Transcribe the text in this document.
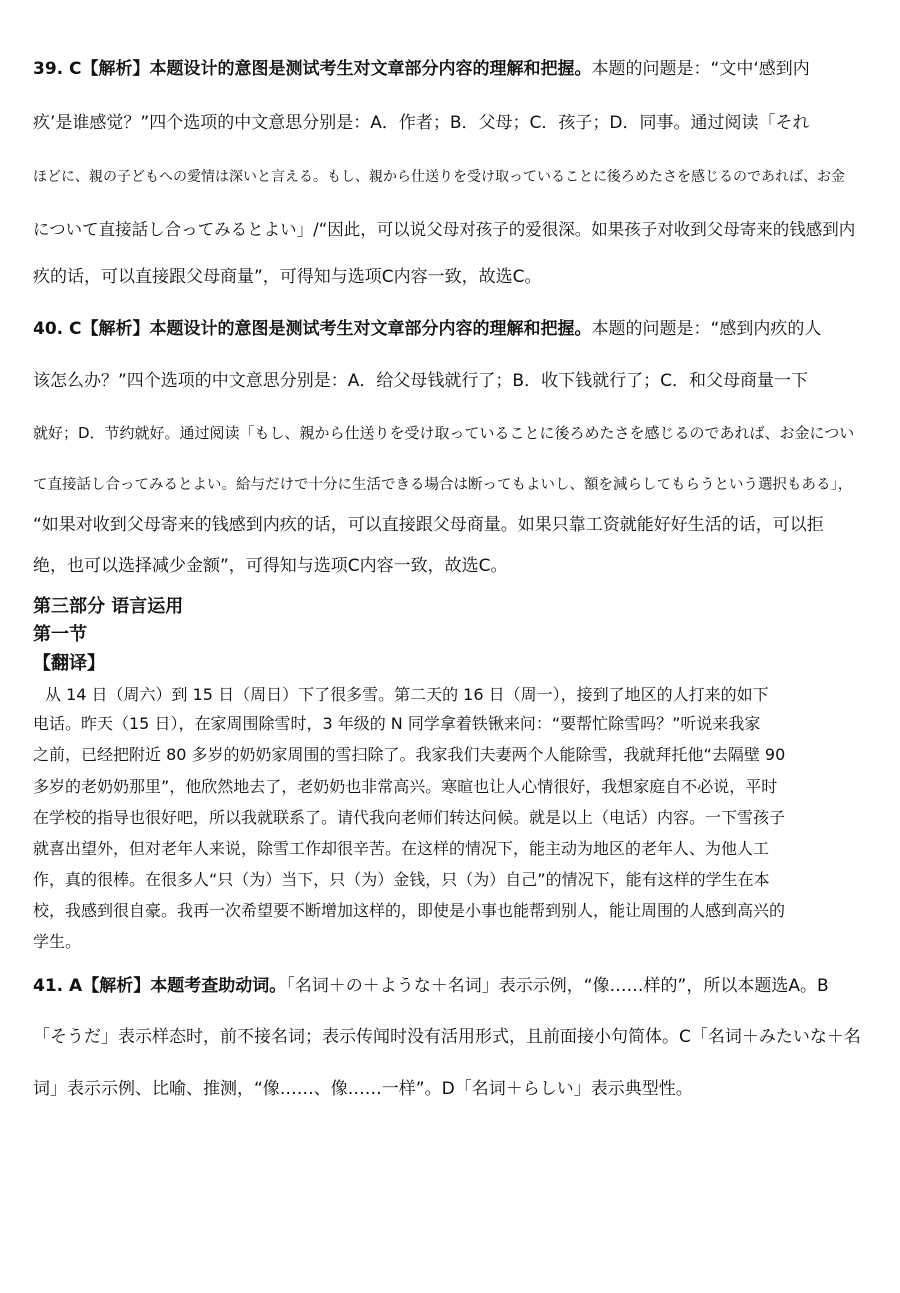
39. C【解析】本题设计的意图是测试考生对文章部分内容的理解和把握。本题的问题是：“文中‘感到内
疚’是谁感觉？”四个选项的中文意思分别是：A．作者；B．父母；C．孩子；D．同事。通过阅读「それ
ほどに、親の子どもへの愛情は深いと言える。もし、親から仕送りを受け取っていることに後ろめたさを感じるのであれば、お金
について直接話し合ってみるとよい」/“因此，可以说父母对孩子的爱很深。如果孩子对收到父母寄来的钱感到内
疚的话，可以直接跟父母商量”，可得知与选项C内容一致，故选C。
40. C【解析】本题设计的意图是测试考生对文章部分内容的理解和把握。本题的问题是：“感到内疚的人
该怎么办？”四个选项的中文意思分别是：A．给父母钱就行了；B．收下钱就行了；C．和父母商量一下
就好；D．节约就好。通过阅读「もし、親から仕送りを受け取っていることに後ろめたさを感じるのであれば、お金につい
て直接話し合ってみるとよい。給与だけで十分に生活できる場合は断ってもよいし、額を減らしてもらうという選択もある」，
“如果对收到父母寄来的钱感到内疚的话，可以直接跟父母商量。如果只靠工资就能好好生活的话，可以拒
绝，也可以选择减少金额”，可得知与选项C内容一致，故选C。
第三部分 语言运用
第一节
【翻译】
从 14 日（周六）到 15 日（周日）下了很多雪。第二天的 16 日（周一），接到了地区的人打来的如下
电话。昨天（15 日），在家周围除雪时，3 年级的 N 同学拿着铁锹来问：“要帮忙除雪吗？”听说来我家
之前，已经把附近 80 多岁的奶奶家周围的雪扫除了。我家我们夫妻两个人能除雪，我就拜托他“去隔壁 90
多岁的老奶奶那里”，他欣然地去了，老奶奶也非常高兴。寒暄也让人心情很好，我想家庭自不必说，平时
在学校的指导也很好吧，所以我就联系了。请代我向老师们转达问候。就是以上（电话）内容。一下雪孩子
就喜出望外，但对老年人来说，除雪工作却很辛苦。在这样的情况下，能主动为地区的老年人、为他人工
作，真的很棒。在很多人“只（为）当下，只（为）金钱，只（为）自己”的情况下，能有这样的学生在本
校，我感到很自豪。我再一次希望要不断增加这样的，即使是小事也能帮到别人，能让周围的人感到高兴的
学生。
41. A【解析】本题考查助动词。「名词＋の＋ような＋名词」表示示例，“像……样的”，所以本题选A。B
「そうだ」表示样态时，前不接名词；表示传闻时没有活用形式，且前面接小句简体。C「名词＋みたいな＋名
词」表示示例、比喻、推测，“像……、像……一样”。D「名词＋らしい」表示典型性。
